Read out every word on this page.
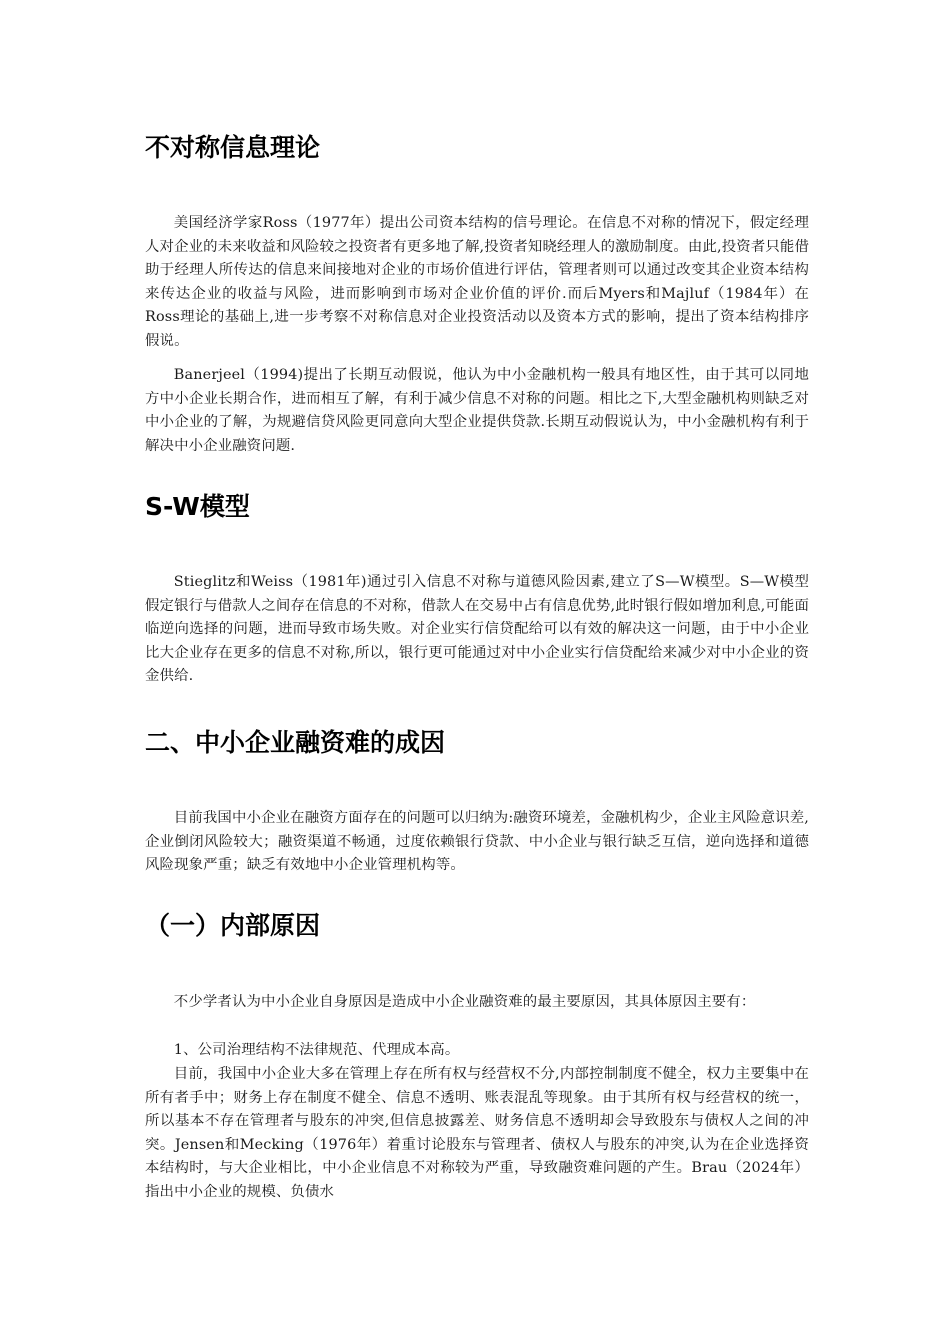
不对称信息理论

美国经济学家Ross（1977年）提出公司资本结构的信号理论。在信息不对称的情况下，假定经理人对企业的未来收益和风险较之投资者有更多地了解,投资者知晓经理人的激励制度。由此,投资者只能借助于经理人所传达的信息来间接地对企业的市场价值进行评估，管理者则可以通过改变其企业资本结构来传达企业的收益与风险，进而影响到市场对企业价值的评价.而后Myers和Majluf（1984年）在Ross理论的基础上,进一步考察不对称信息对企业投资活动以及资本方式的影响，提出了资本结构排序假说。

Banerjeel（1994)提出了长期互动假说，他认为中小金融机构一般具有地区性，由于其可以同地方中小企业长期合作，进而相互了解，有利于减少信息不对称的问题。相比之下,大型金融机构则缺乏对中小企业的了解，为规避信贷风险更同意向大型企业提供贷款.长期互动假说认为，中小金融机构有利于解决中小企业融资问题.

S-W模型

Stieglitz和Weiss（1981年)通过引入信息不对称与道德风险因素,建立了S—W模型。S—W模型假定银行与借款人之间存在信息的不对称，借款人在交易中占有信息优势,此时银行假如增加利息,可能面临逆向选择的问题，进而导致市场失败。对企业实行信贷配给可以有效的解决这一问题，由于中小企业比大企业存在更多的信息不对称,所以，银行更可能通过对中小企业实行信贷配给来减少对中小企业的资金供给.

二、中小企业融资难的成因

目前我国中小企业在融资方面存在的问题可以归纳为:融资环境差，金融机构少，企业主风险意识差,企业倒闭风险较大；融资渠道不畅通，过度依赖银行贷款、中小企业与银行缺乏互信，逆向选择和道德风险现象严重；缺乏有效地中小企业管理机构等。

（一）内部原因

不少学者认为中小企业自身原因是造成中小企业融资难的最主要原因，其具体原因主要有：

1、公司治理结构不法律规范、代理成本高。

目前，我国中小企业大多在管理上存在所有权与经营权不分,内部控制制度不健全，权力主要集中在所有者手中；财务上存在制度不健全、信息不透明、账表混乱等现象。由于其所有权与经营权的统一，所以基本不存在管理者与股东的冲突,但信息披露差、财务信息不透明却会导致股东与债权人之间的冲突。Jensen和Mecking（1976年）着重讨论股东与管理者、债权人与股东的冲突,认为在企业选择资本结构时，与大企业相比，中小企业信息不对称较为严重，导致融资难问题的产生。Brau（2024年）指出中小企业的规模、负债水
